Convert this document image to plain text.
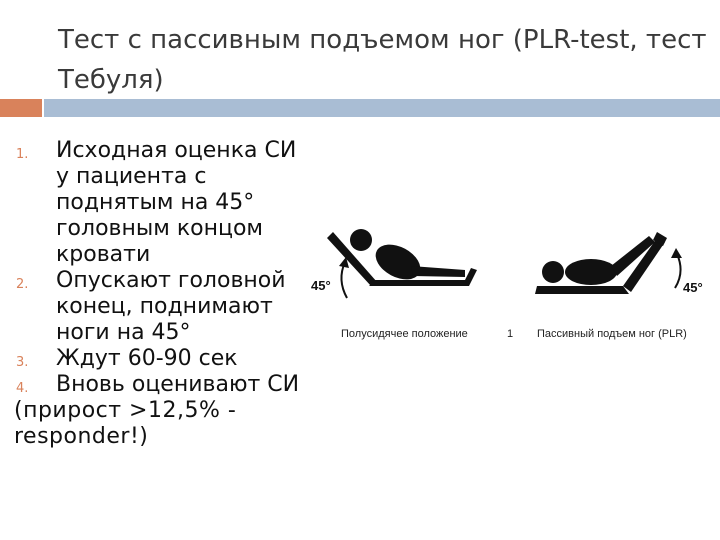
Тест с пассивным подъемом ног (PLR-test, тест Тебуля)
1. Исходная оценка СИ у пациента с поднятым на 45° головным концом кровати
2. Опускают головной конец, поднимают ноги на 45°
3. Ждут 60-90 сек
4. Вновь оценивают СИ
(прирост >12,5% -
responder!)
45°	45°
Полусидячее положение	1 Пассивный подъем ног (PLR)
